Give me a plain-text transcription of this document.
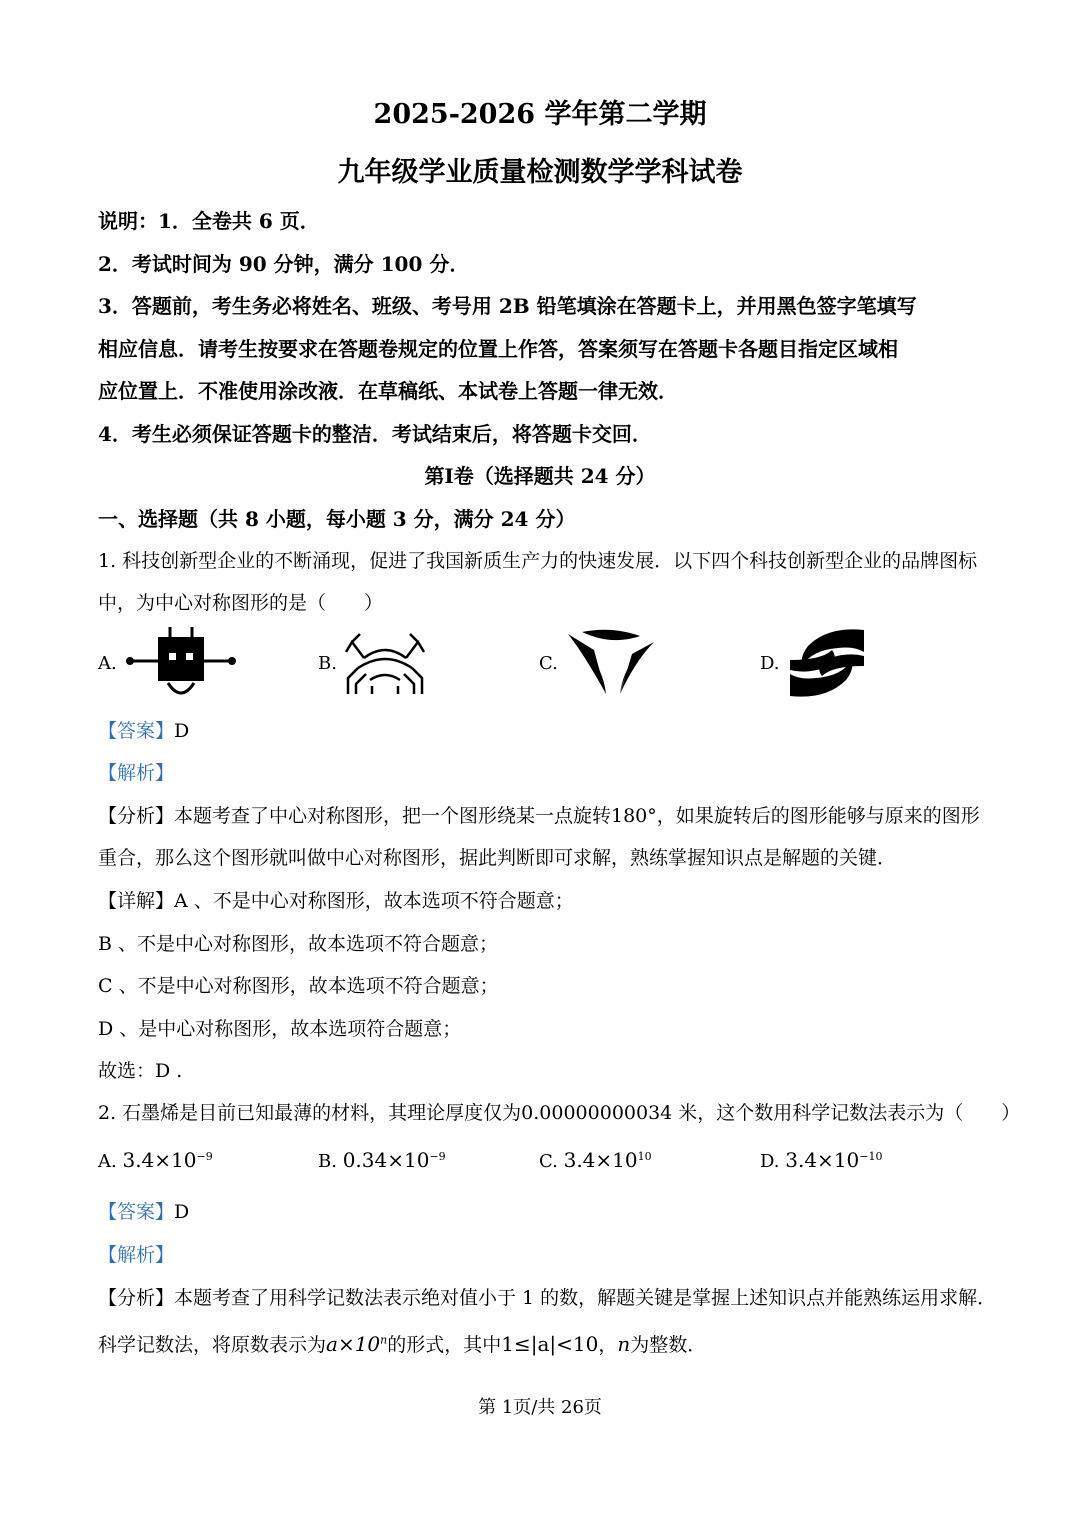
2025-2026 学年第二学期
九年级学业质量检测数学学科试卷
说明：1．全卷共 6 页．
2．考试时间为 90 分钟，满分 100 分．
3．答题前，考生务必将姓名、班级、考号用 2B 铅笔填涂在答题卡上，并用黑色签字笔填写
相应信息．请考生按要求在答题卷规定的位置上作答，答案须写在答题卡各题目指定区域相
应位置上．不准使用涂改液．在草稿纸、本试卷上答题一律无效．
4．考生必须保证答题卡的整洁．考试结束后，将答题卡交回．
第Ⅰ卷（选择题共 24 分）
一、选择题（共 8 小题，每小题 3 分，满分 24 分）
1. 科技创新型企业的不断涌现，促进了我国新质生产力的快速发展．以下四个科技创新型企业的品牌图标
中，为中心对称图形的是（　　）
A.	B.	C.	D.
【答案】D
【解析】
【分析】本题考查了中心对称图形，把一个图形绕某一点旋转180°，如果旋转后的图形能够与原来的图形
重合，那么这个图形就叫做中心对称图形，据此判断即可求解，熟练掌握知识点是解题的关键．
【详解】A 、不是中心对称图形，故本选项不符合题意；
B 、不是中心对称图形，故本选项不符合题意；
C 、不是中心对称图形，故本选项不符合题意；
D 、是中心对称图形，故本选项符合题意；
故选：D .
2. 石墨烯是目前已知最薄的材料，其理论厚度仅为0.00000000034 米，这个数用科学记数法表示为（　　）
A. $3.4\times 10^{-9}$	B. $0.34\times 10^{-9}$	C. $3.4\times 10^{10}$	D. $3.4\times 10^{-10}$
【答案】D
【解析】
【分析】本题考查了用科学记数法表示绝对值小于 1 的数，解题关键是掌握上述知识点并能熟练运用求解．
科学记数法，将原数表示为$a\times 10^n$的形式，其中1≤|a|<10，n为整数．
第 1页/共 26页
